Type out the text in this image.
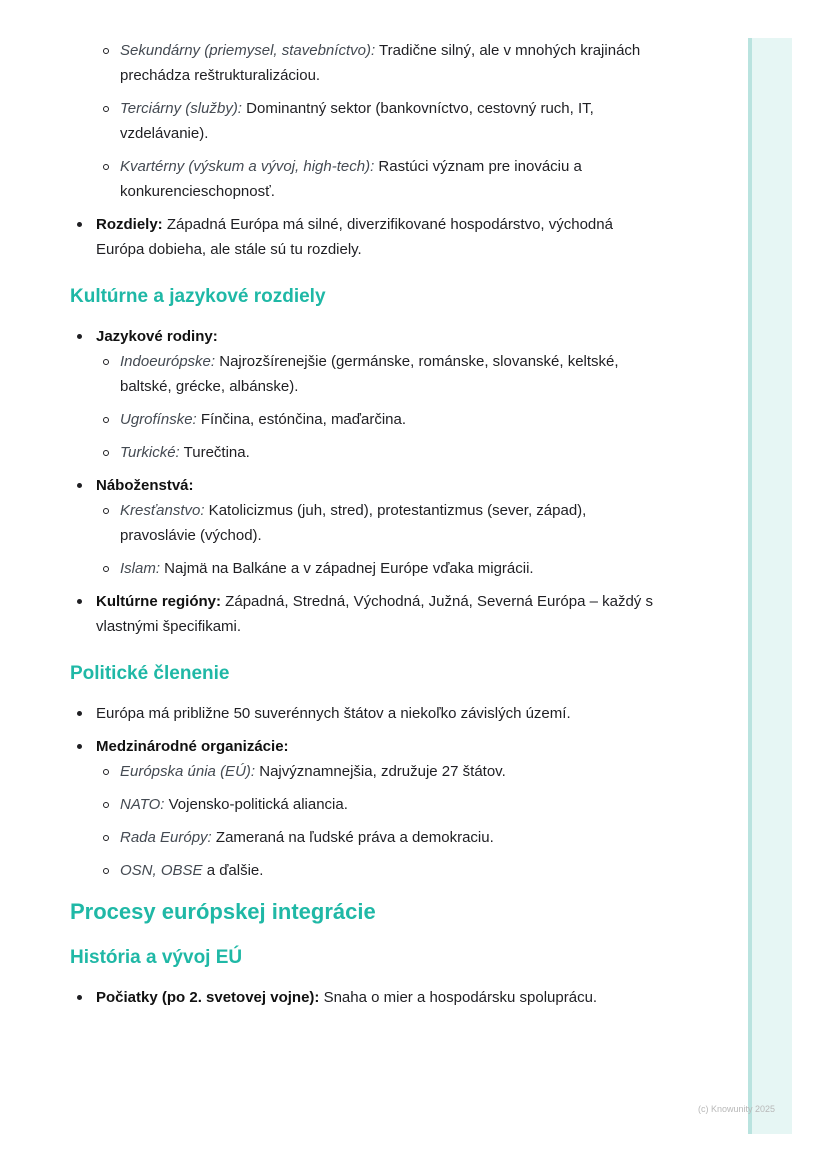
Sekundárny (priemysel, stavebníctvo): Tradične silný, ale v mnohých krajinách prechádza reštrukturalizáciou.
Terciárny (služby): Dominantný sektor (bankovníctvo, cestovný ruch, IT, vzdelávanie).
Kvartérny (výskum a vývoj, high-tech): Rastúci význam pre inováciu a konkurencieschopnosť.
Rozdiely: Západná Európa má silné, diverzifikované hospodárstvo, východná Európa dobieha, ale stále sú tu rozdiely.
Kultúrne a jazykové rozdiely
Jazykové rodiny:
Indoeurópske: Najrozšírenejšie (germánske, románske, slovanské, keltské, baltské, grécke, albánske).
Ugrofínske: Fínčina, estónčina, maďarčina.
Turkické: Turečtina.
Náboženstvá:
Kresťanstvo: Katolicizmus (juh, stred), protestantizmus (sever, západ), pravoslávie (východ).
Islam: Najmä na Balkáne a v západnej Európe vďaka migrácii.
Kultúrne regióny: Západná, Stredná, Východná, Južná, Severná Európa – každý s vlastnými špecifikami.
Politické členenie
Európa má približne 50 suverénnych štátov a niekoľko závislých území.
Medzinárodné organizácie:
Európska únia (EÚ): Najvýznamnejšia, združuje 27 štátov.
NATO: Vojensko-politická aliancia.
Rada Európy: Zameraná na ľudské práva a demokraciu.
OSN, OBSE a ďalšie.
Procesy európskej integrácie
História a vývoj EÚ
Počiatky (po 2. svetovej vojne): Snaha o mier a hospodársku spoluprácu.
(c) Knowunity 2025
